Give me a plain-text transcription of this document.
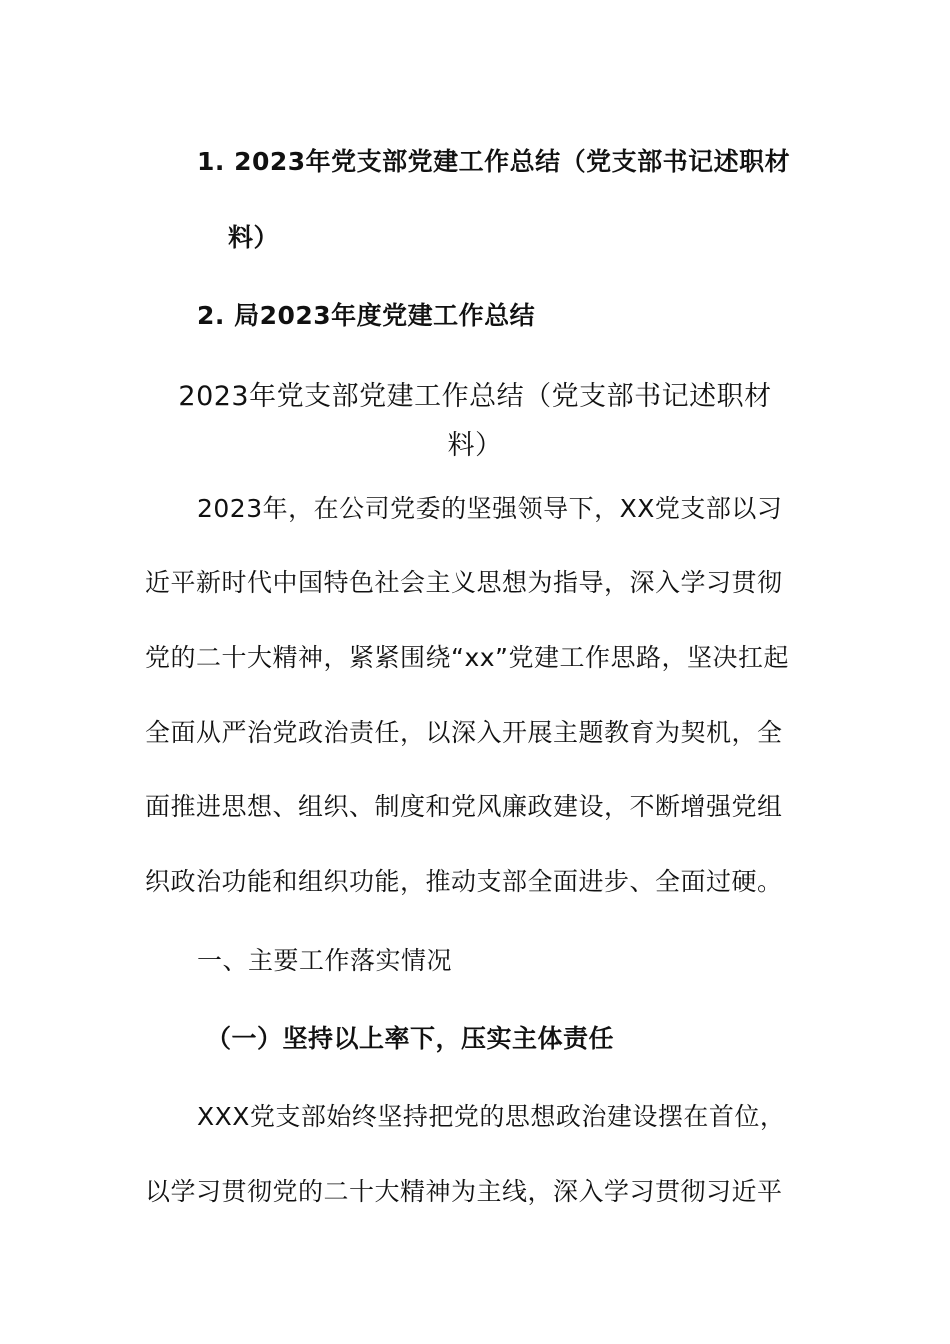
1. 2023年党支部党建工作总结（党支部书记述职材
料）
2. 局2023年度党建工作总结
2023年党支部党建工作总结（党支部书记述职材
料）
2023年，在公司党委的坚强领导下，XX党支部以习
近平新时代中国特色社会主义思想为指导，深入学习贯彻
党的二十大精神，紧紧围绕“xx”党建工作思路，坚决扛起
全面从严治党政治责任，以深入开展主题教育为契机，全
面推进思想、组织、制度和党风廉政建设，不断增强党组
织政治功能和组织功能，推动支部全面进步、全面过硬。
一、主要工作落实情况
（一）坚持以上率下，压实主体责任
XXX党支部始终坚持把党的思想政治建设摆在首位，
以学习贯彻党的二十大精神为主线，深入学习贯彻习近平
